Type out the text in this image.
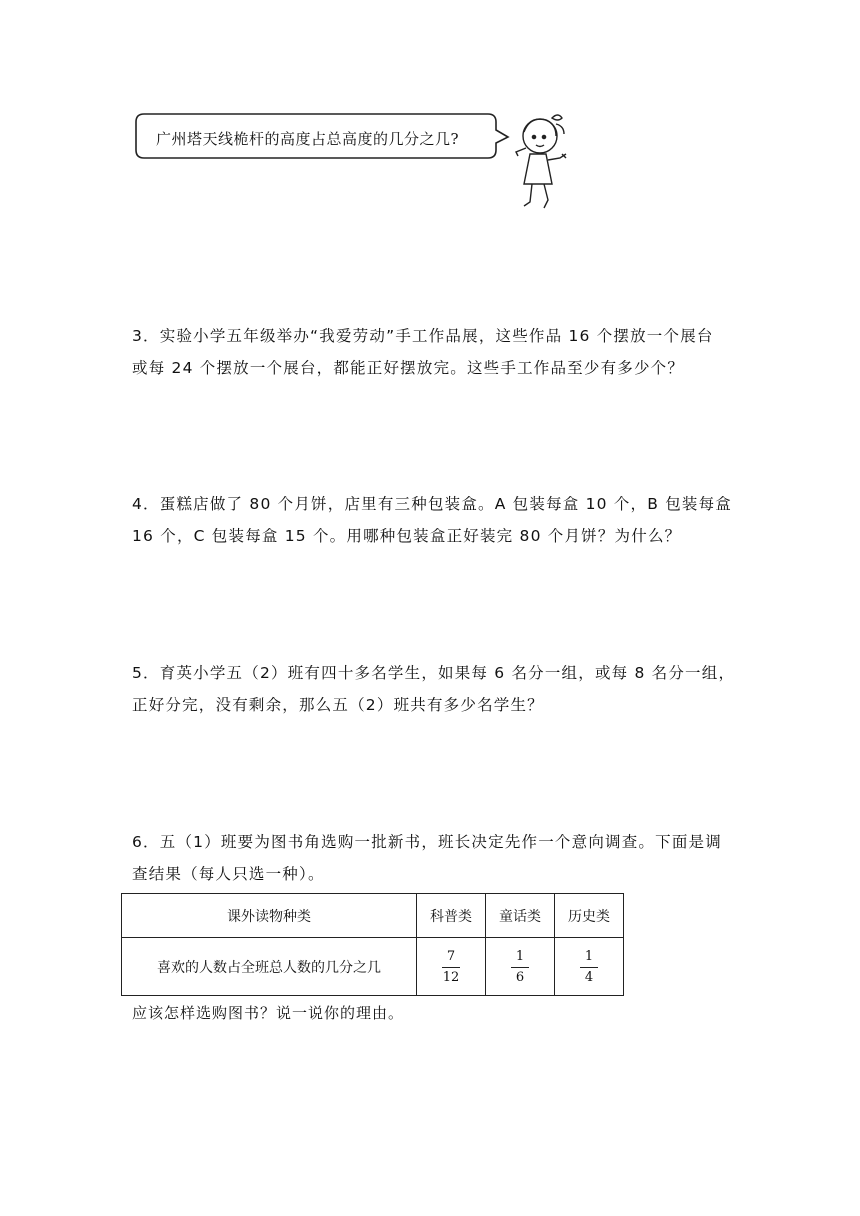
广州塔天线桅杆的高度占总高度的几分之几?
3．实验小学五年级举办“我爱劳动”手工作品展，这些作品 16 个摆放一个展台
或每 24 个摆放一个展台，都能正好摆放完。这些手工作品至少有多少个？
4．蛋糕店做了 80 个月饼，店里有三种包装盒。A 包装每盒 10 个，B 包装每盒
16 个，C 包装每盒 15 个。用哪种包装盒正好装完 80 个月饼？为什么？
5．育英小学五（2）班有四十多名学生，如果每 6 名分一组，或每 8 名分一组，
正好分完，没有剩余，那么五（2）班共有多少名学生？
6．五（1）班要为图书角选购一批新书，班长决定先作一个意向调查。下面是调
查结果（每人只选一种）。
课外读物种类	科普类	童话类	历史类
喜欢的人数占全班总人数的几分之几	$\frac{7}{12}$	$\frac{1}{6}$	$\frac{1}{4}$
应该怎样选购图书？说一说你的理由。
